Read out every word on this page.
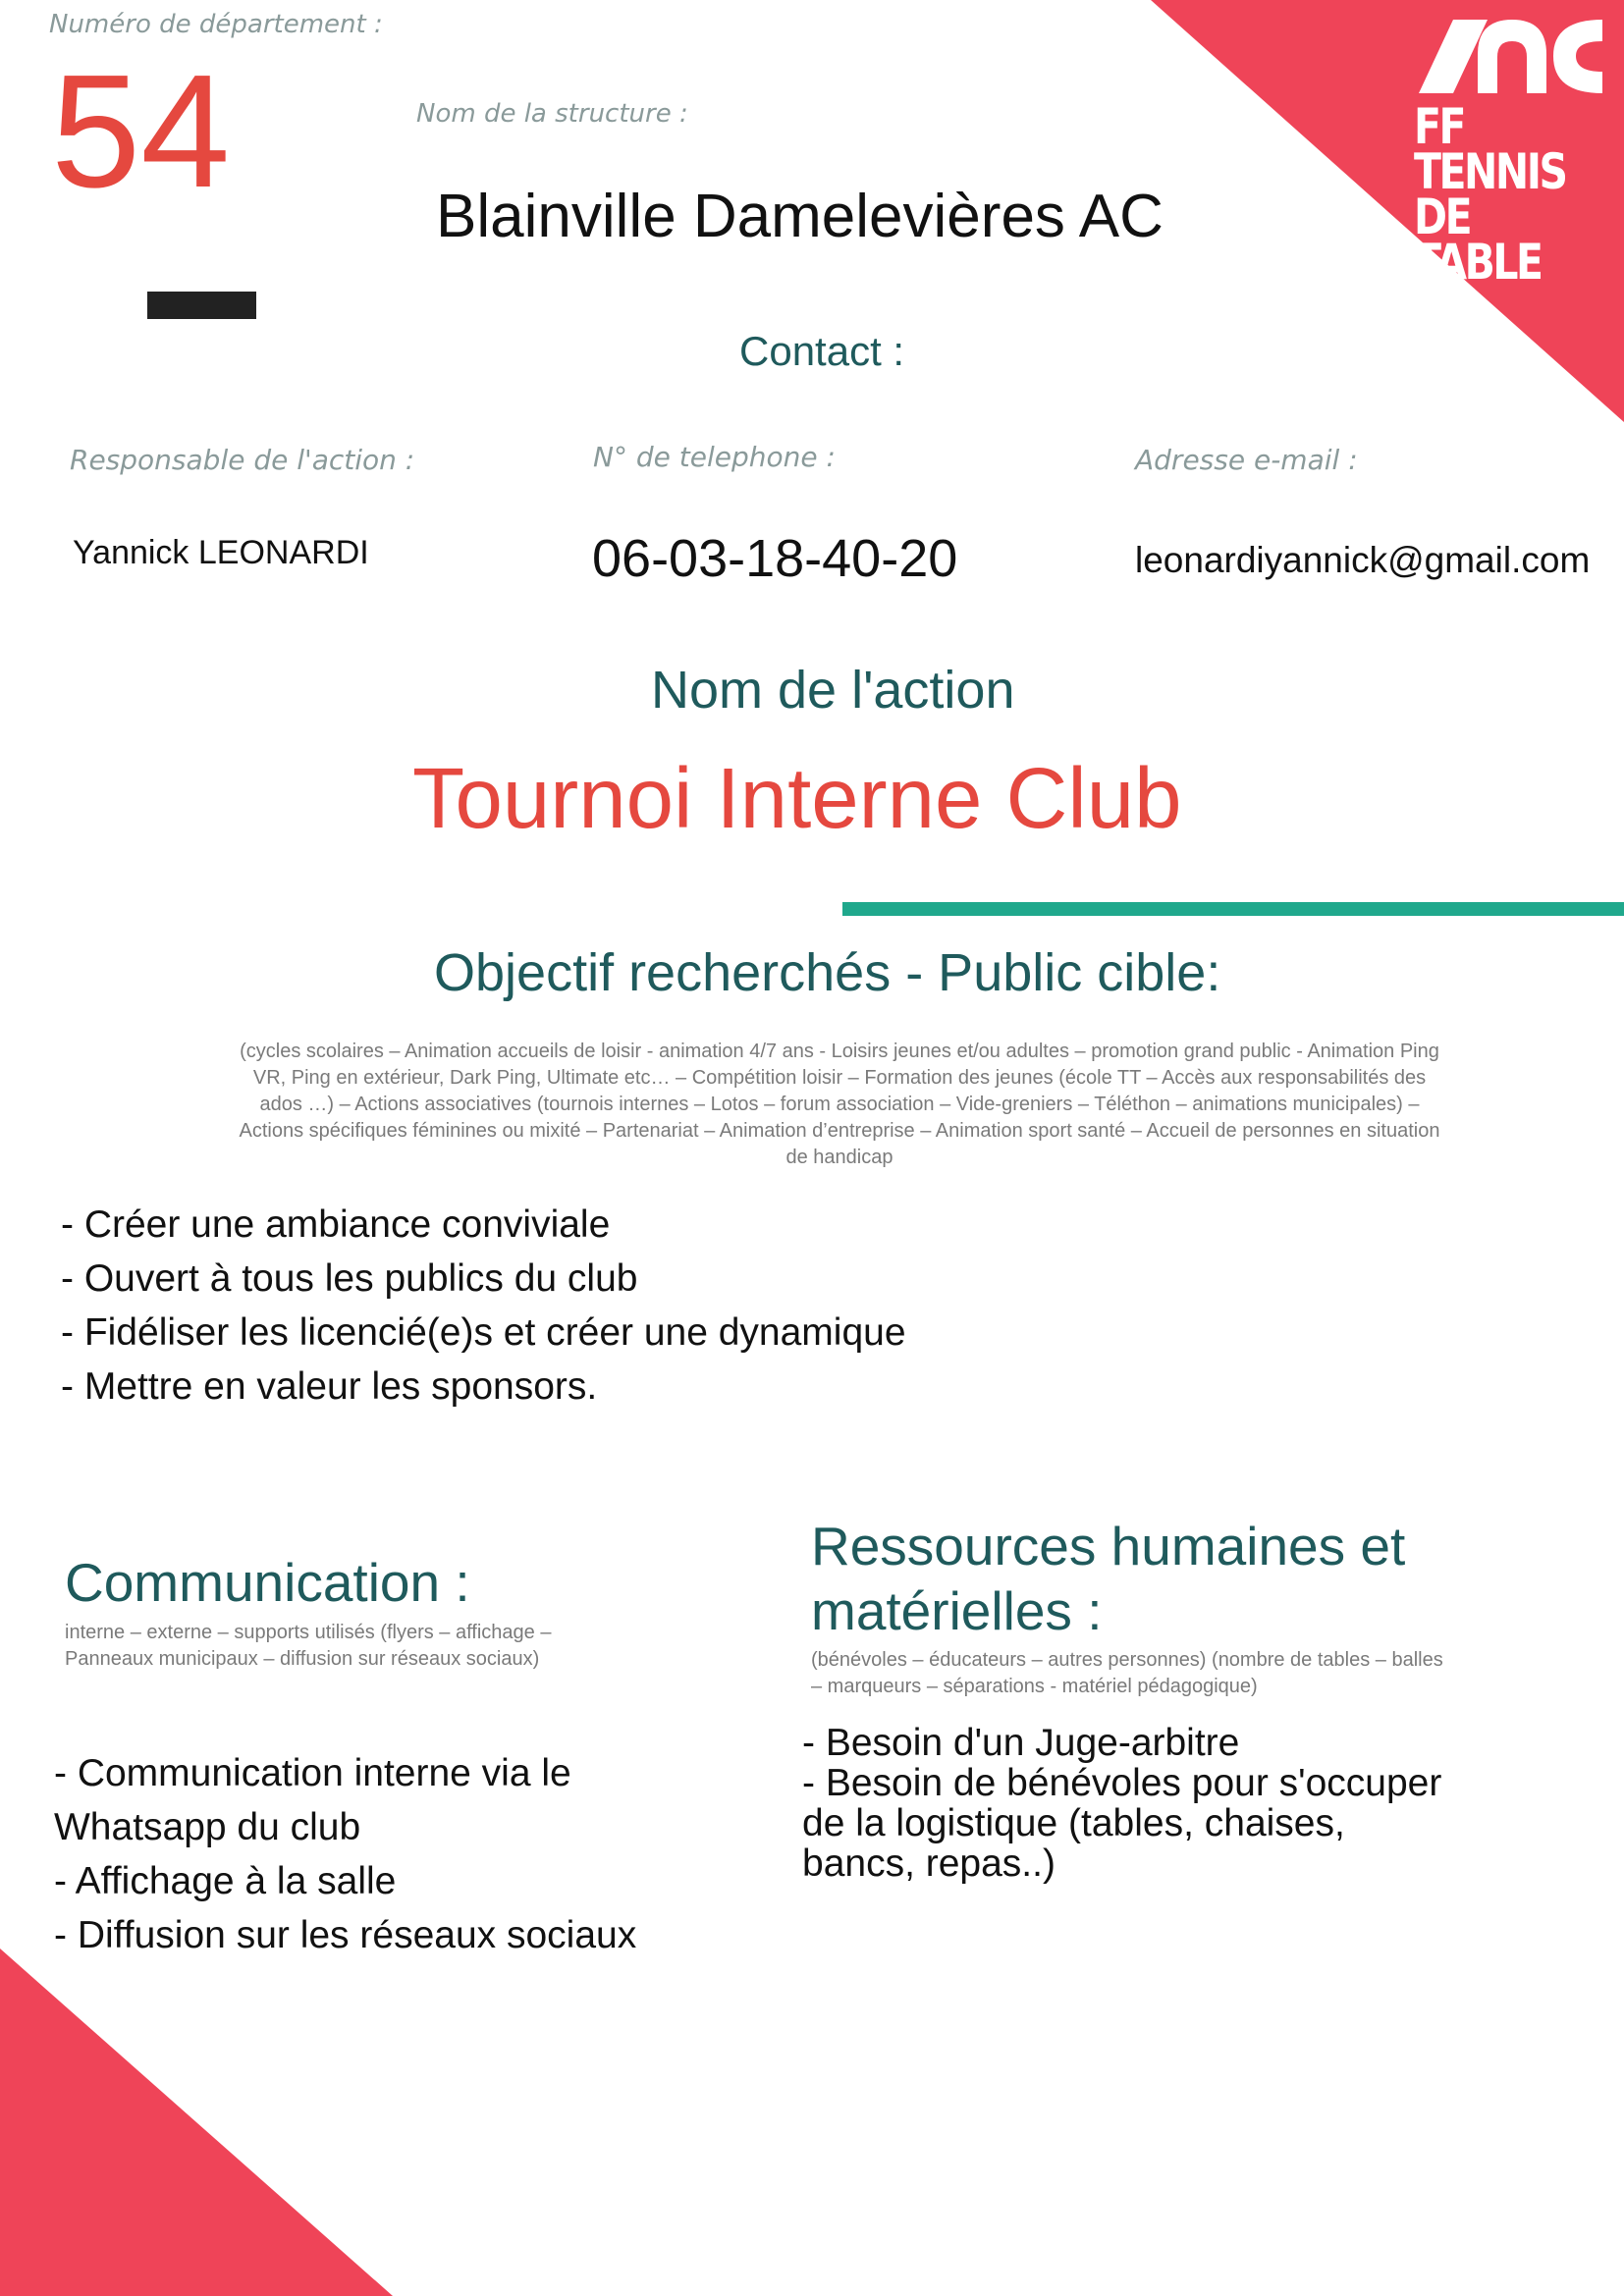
FF TENNIS
DE TABLE
Numéro de département :
54	Nom de la structure :
Blainville Damelevières AC
Contact :
Responsable de l'action :	N° de telephone :	Adresse e-mail :
Yannick LEONARDI	06-03-18-40-20	leonardiyannick@gmail.com
Nom de l'action
Tournoi Interne Club
Objectif recherchés - Public cible:
(cycles scolaires – Animation accueils de loisir - animation 4/7 ans - Loisirs jeunes et/ou adultes – promotion grand public - Animation Ping
VR, Ping en extérieur, Dark Ping, Ultimate etc… – Compétition loisir – Formation des jeunes (école TT – Accès aux responsabilités des
ados …) – Actions associatives (tournois internes – Lotos – forum association – Vide-greniers – Téléthon – animations municipales) –
Actions spécifiques féminines ou mixité – Partenariat – Animation d’entreprise – Animation sport santé – Accueil de personnes en situation
de handicap
- Créer une ambiance conviviale
- Ouvert à tous les publics du club
- Fidéliser les licencié(e)s et créer une dynamique
- Mettre en valeur les sponsors.
Communication :
interne – externe – supports utilisés (flyers – affichage –
Panneaux municipaux – diffusion sur réseaux sociaux)
- Communication interne via le
Whatsapp du club
- Affichage à la salle
- Diffusion sur les réseaux sociaux
Ressources humaines et
matérielles :
(bénévoles – éducateurs – autres personnes) (nombre de tables – balles
– marqueurs – séparations - matériel pédagogique)
- Besoin d'un Juge-arbitre
- Besoin de bénévoles pour s'occuper
de la logistique (tables, chaises,
bancs, repas..)
